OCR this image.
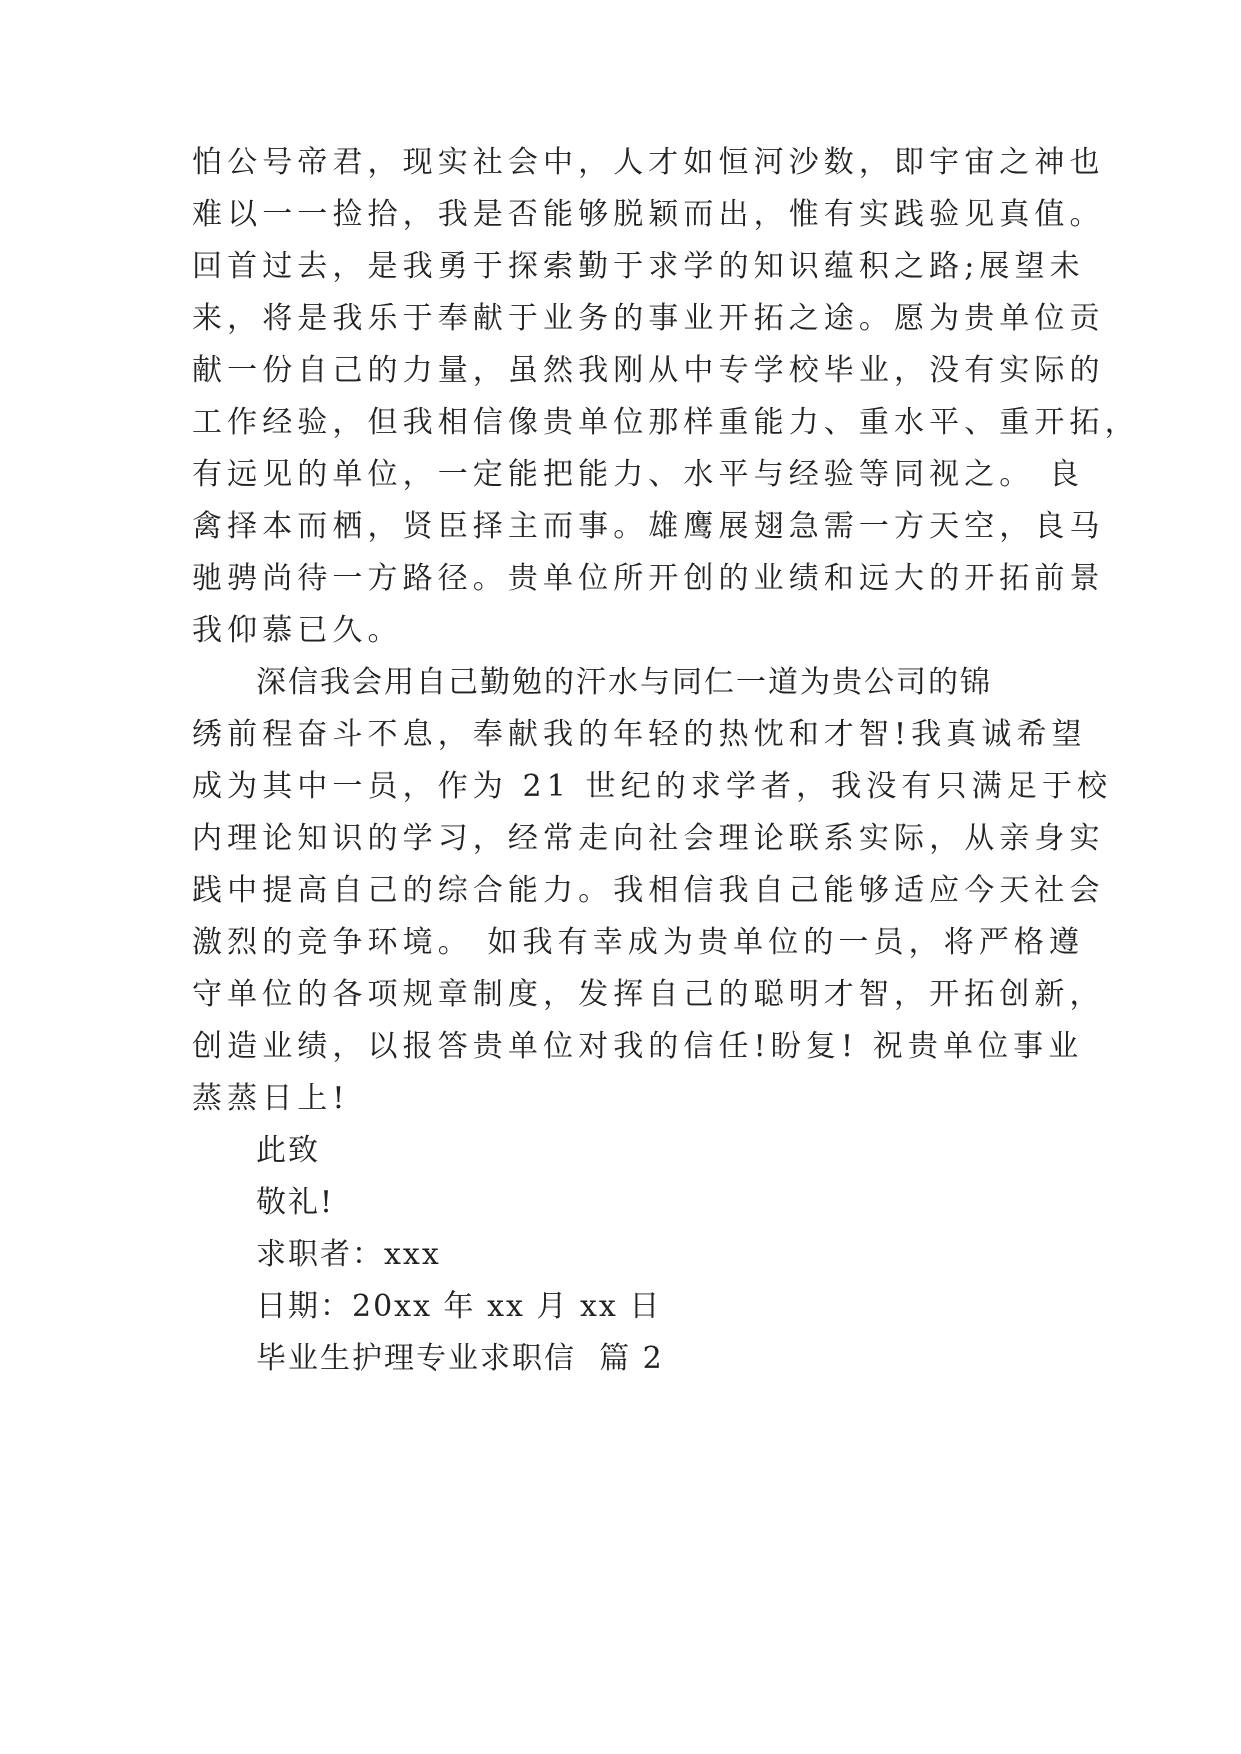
怕公号帝君，现实社会中，人才如恒河沙数，即宇宙之神也
难以一一捡拾，我是否能够脱颖而出，惟有实践验见真值。
回首过去，是我勇于探索勤于求学的知识蕴积之路;展望未
来，将是我乐于奉献于业务的事业开拓之途。愿为贵单位贡
献一份自己的力量，虽然我刚从中专学校毕业，没有实际的
工作经验，但我相信像贵单位那样重能力、重水平、重开拓，
有远见的单位，一定能把能力、水平与经验等同视之。 良
禽择本而栖，贤臣择主而事。雄鹰展翅急需一方天空，良马
驰骋尚待一方路径。贵单位所开创的业绩和远大的开拓前景
我仰慕已久。
深信我会用自己勤勉的汗水与同仁一道为贵公司的锦
绣前程奋斗不息，奉献我的年轻的热忱和才智!我真诚希望
成为其中一员，作为 21 世纪的求学者，我没有只满足于校
内理论知识的学习，经常走向社会理论联系实际，从亲身实
践中提高自己的综合能力。我相信我自己能够适应今天社会
激烈的竞争环境。 如我有幸成为贵单位的一员，将严格遵
守单位的各项规章制度，发挥自己的聪明才智，开拓创新，
创造业绩，以报答贵单位对我的信任!盼复! 祝贵单位事业
蒸蒸日上!
此致
敬礼!
求职者：xxx
日期：20xx 年 xx 月 xx 日
毕业生护理专业求职信  篇 2
